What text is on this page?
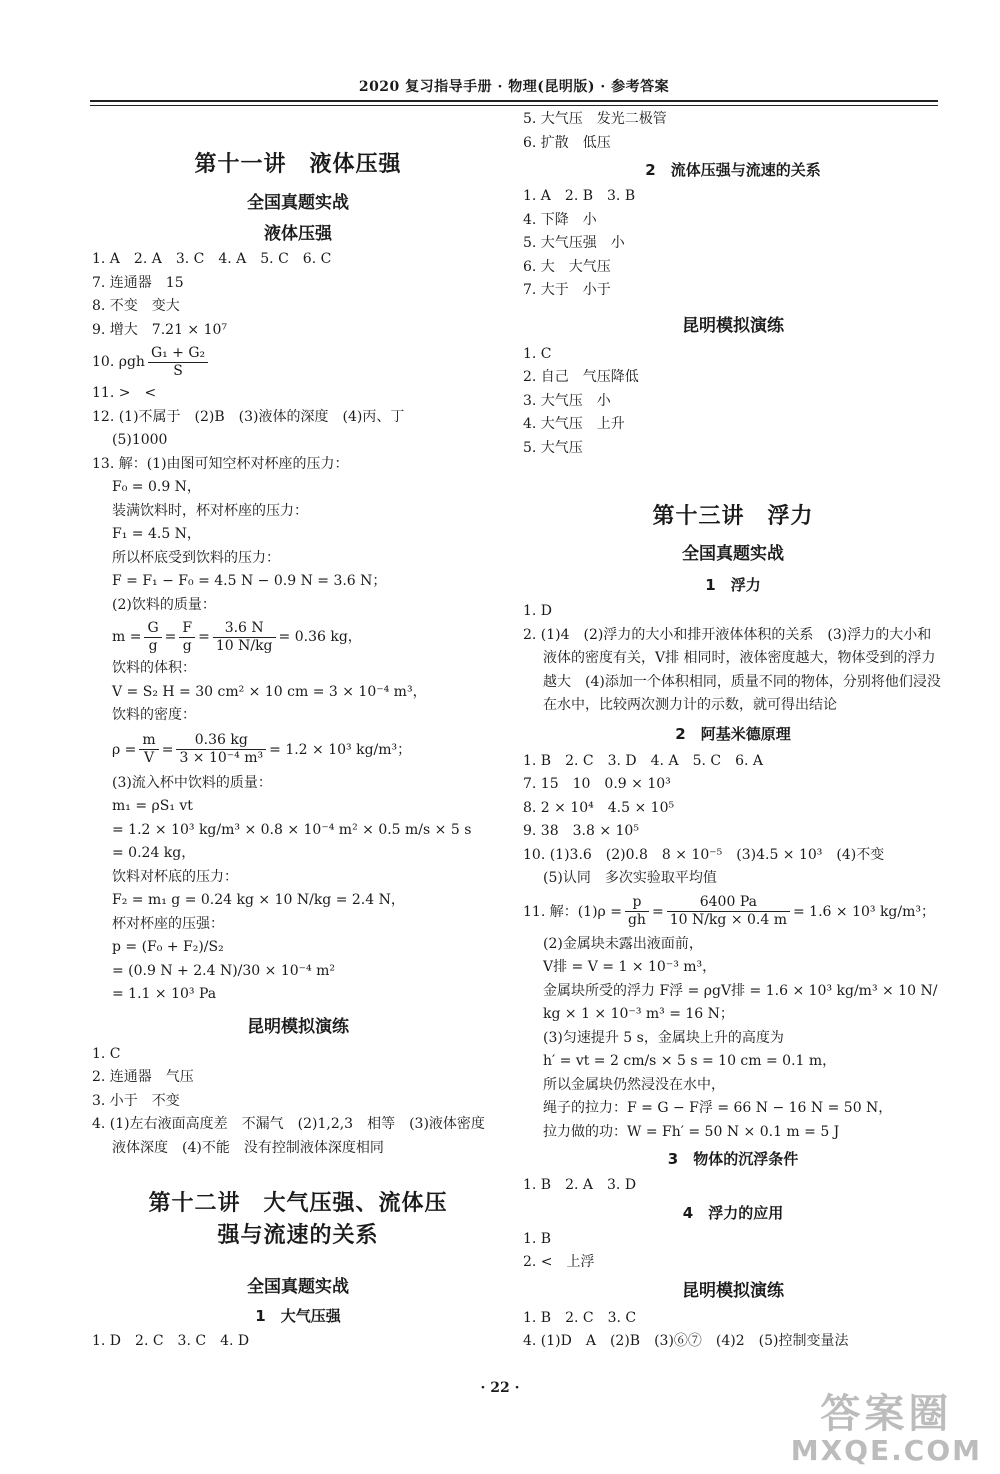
2020 复习指导手册 · 物理(昆明版) · 参考答案
第十一讲　液体压强
全国真题实战
液体压强
1. A　2. A　3. C　4. A　5. C　6. C
7. 连通器　15
8. 不变　变大
9. 增大　7.21 × 10⁷
10. ρgh $\frac{\text{G₁ + G₂}}{S}$
11. >　<
12. (1)不属于　(2)B　(3)液体的深度　(4)丙、丁
(5)1000
13. 解：(1)由图可知空杯对杯座的压力：
F₀ = 0.9 N，
装满饮料时，杯对杯座的压力：
F₁ = 4.5 N，
所以杯底受到饮料的压力：
F = F₁ − F₀ = 4.5 N − 0.9 N = 3.6 N；
(2)饮料的质量：
$m = \frac{G}{g} = \frac{F}{g} = \frac{3.6 N}{10 N/kg} = 0.36$ kg，
饮料的体积：
V = S₂ H = 30 cm² × 10 cm = 3 × 10⁻⁴ m³，
饮料的密度：
$\rho = \frac{m}{V} = \frac{0.36 kg}{\text{3 × 10⁻⁴ m³}} = 1.2 \times 10^3$ kg/m³；
(3)流入杯中饮料的质量：
m₁ = ρS₁ vt
= 1.2 × 10³ kg/m³ × 0.8 × 10⁻⁴ m² × 0.5 m/s × 5 s
= 0.24 kg，
饮料对杯底的压力：
F₂ = m₁ g = 0.24 kg × 10 N/kg = 2.4 N，
杯对杯座的压强：
p = (F₀ + F₂)/S₂
= (0.9 N + 2.4 N)/30 × 10⁻⁴ m²
= 1.1 × 10³ Pa
昆明模拟演练
1. C
2. 连通器　气压
3. 小于　不变
4. (1)左右液面高度差　不漏气　(2)1,2,3　相等　(3)液体密度　液体深度　(4)不能　没有控制液体深度相同
第十二讲　大气压强、流体压
强与流速的关系
全国真题实战
1　大气压强
1. D　2. C　3. C　4. D
5. 大气压　发光二极管
6. 扩散　低压
2　流体压强与流速的关系
1. A　2. B　3. B
4. 下降　小
5. 大气压强　小
6. 大　大气压
7. 大于　小于
昆明模拟演练
1. C
2. 自己　气压降低
3. 大气压　小
4. 大气压　上升
5. 大气压
第十三讲　浮力
全国真题实战
1　浮力
1. D
2. (1)4　(2)浮力的大小和排开液体体积的关系　(3)浮力的大小和液体的密度有关，V排 相同时，液体密度越大，物体受到的浮力越大　(4)添加一个体积相同，质量不同的物体，分别将他们浸没在水中，比较两次测力计的示数，就可得出结论
2　阿基米德原理
1. B　2. C　3. D　4. A　5. C　6. A
7. 15　10　0.9 × 10³
8. 2 × 10⁴　4.5 × 10⁵
9. 38　3.8 × 10⁵
10. (1)3.6　(2)0.8　8 × 10⁻⁵　(3)4.5 × 10³　(4)不变
(5)认同　多次实验取平均值
11. 解：$(1)\rho = \frac{p}{gh} = \frac{6400 Pa}{10 N/kg \times 0.4 m} = 1.6 \times 10^3$ kg/m³；
(2)金属块未露出液面前，
V排 = V = 1 × 10⁻³ m³，
金属块所受的浮力 F浮 = ρgV排 = 1.6 × 10³ kg/m³ × 10 N/
kg × 1 × 10⁻³ m³ = 16 N；
(3)匀速提升 5 s，金属块上升的高度为
h′ = vt = 2 cm/s × 5 s = 10 cm = 0.1 m，
所以金属块仍然浸没在水中，
绳子的拉力：F = G − F浮 = 66 N − 16 N = 50 N，
拉力做的功：W = Fh′ = 50 N × 0.1 m = 5 J
3　物体的沉浮条件
1. B　2. A　3. D
4　浮力的应用
1. B
2. <　上浮
昆明模拟演练
1. B　2. C　3. C
4. (1)D　A　(2)B　(3)⑥⑦　(4)2　(5)控制变量法
· 22 ·
答案圈
MXQE.COM
